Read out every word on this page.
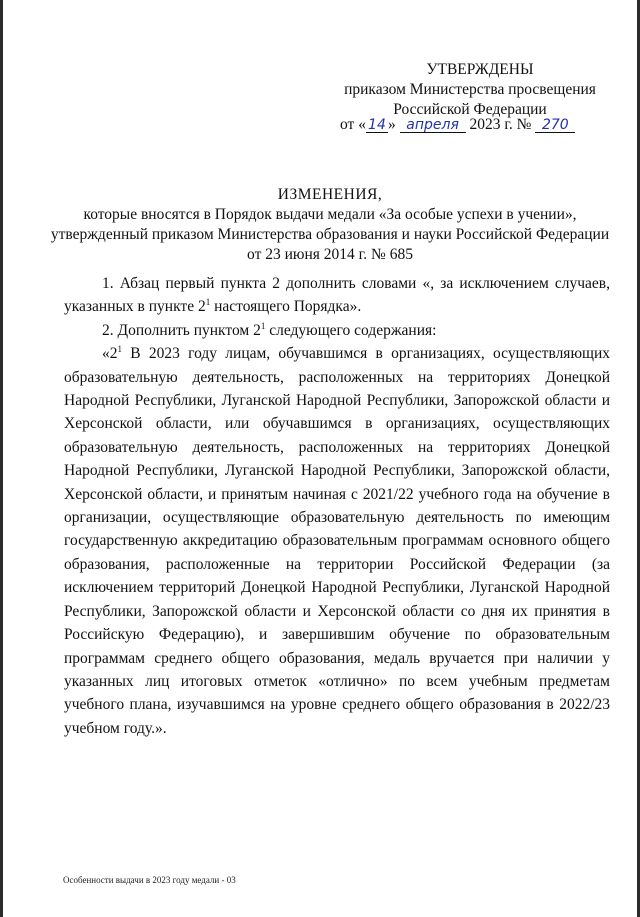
УТВЕРЖДЕНЫ
приказом Министерства просвещения
Российской Федерации
от « 14 » апреля 2023 г. № 270
ИЗМЕНЕНИЯ,
которые вносятся в Порядок выдачи медали «За особые успехи в учении»,
утвержденный приказом Министерства образования и науки Российской Федерации
от 23 июня 2014 г. № 685

1. Абзац первый пункта 2 дополнить словами «, за исключением случаев, указанных в пункте $2^1$ настоящего Порядка».

2. Дополнить пунктом $2^1$ следующего содержания:

«$2^1$ В 2023 году лицам, обучавшимся в организациях, осуществляющих образовательную деятельность, расположенных на территориях Донецкой Народной Республики, Луганской Народной Республики, Запорожской области и Херсонской области, или обучавшимся в организациях, осуществляющих образовательную деятельность, расположенных на территориях Донецкой Народной Республики, Луганской Народной Республики, Запорожской области, Херсонской области, и принятым начиная с 2021/22 учебного года на обучение в организации, осуществляющие образовательную деятельность по имеющим государственную аккредитацию образовательным программам основного общего образования, расположенные на территории Российской Федерации (за исключением территорий Донецкой Народной Республики, Луганской Народной Республики, Запорожской области и Херсонской области со дня их принятия в Российскую Федерацию), и завершившим обучение по образовательным программам среднего общего образования, медаль вручается при наличии у указанных лиц итоговых отметок «отлично» по всем учебным предметам учебного плана, изучавшимся на уровне среднего общего образования в 2022/23 учебном году.».

Особенности выдачи в 2023 году медали - 03
